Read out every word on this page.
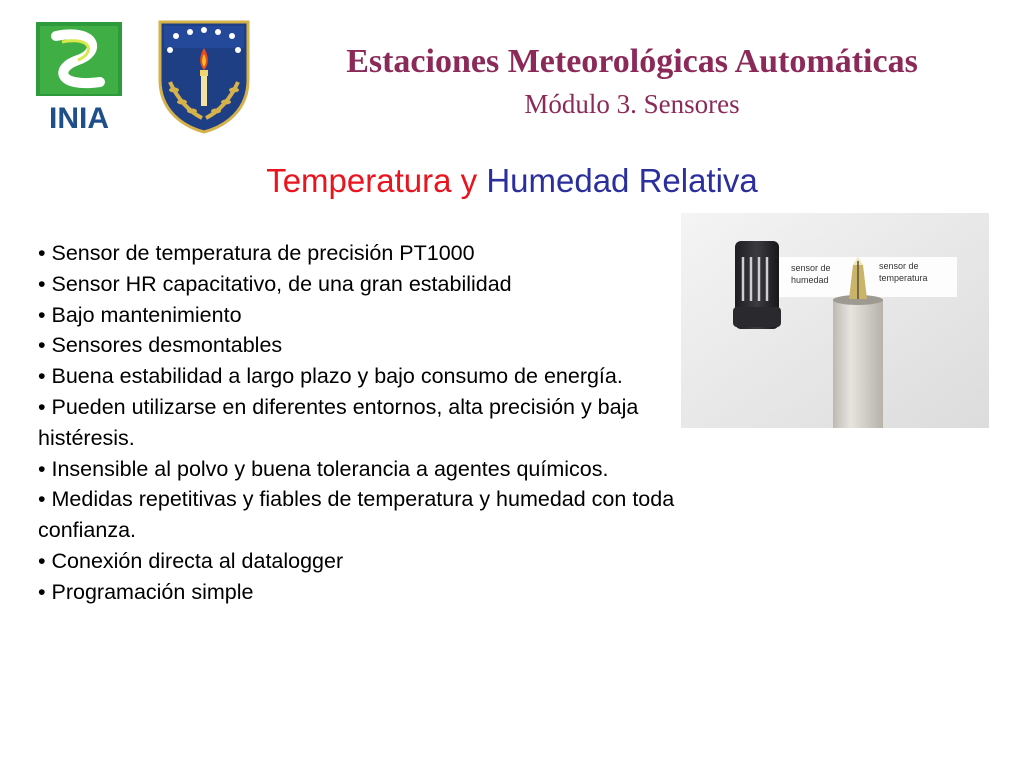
INIA
Estaciones Meteorológicas Automáticas
Módulo 3. Sensores
Temperatura y Humedad Relativa
• Sensor de temperatura de precisión PT1000
• Sensor HR capacitativo, de una gran estabilidad
• Bajo mantenimiento
• Sensores desmontables
• Buena estabilidad a largo plazo y bajo consumo de energía.
• Pueden utilizarse en diferentes entornos, alta precisión y baja histéresis.
• Insensible al polvo y buena tolerancia a agentes químicos.
• Medidas repetitivas y fiables de temperatura y humedad con toda confianza.
• Conexión directa al datalogger
• Programación simple
sensor de humedad sensor de temperatura
